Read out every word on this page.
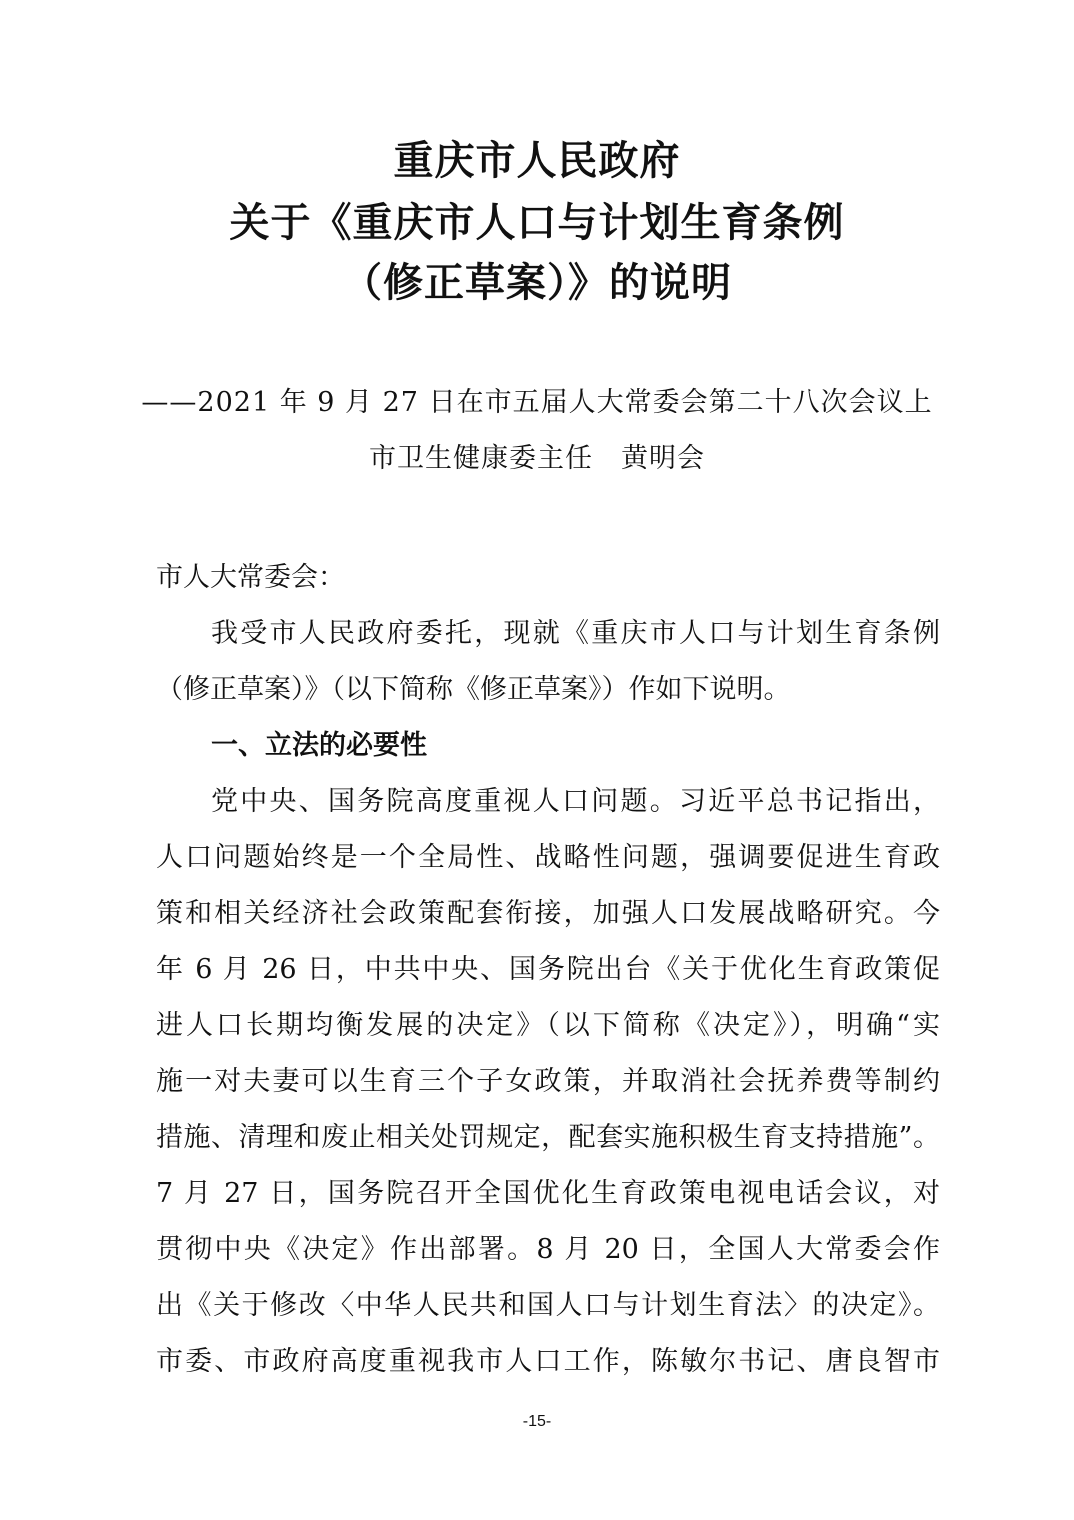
重庆市人民政府
关于《重庆市人口与计划生育条例
（修正草案）》的说明
——2021 年 9 月 27 日在市五届人大常委会第二十八次会议上
市卫生健康委主任　黄明会
市人大常委会：
我受市人民政府委托，现就《重庆市人口与计划生育条例
（修正草案）》（以下简称《修正草案》）作如下说明。
一、立法的必要性
党中央、国务院高度重视人口问题。习近平总书记指出，
人口问题始终是一个全局性、战略性问题，强调要促进生育政
策和相关经济社会政策配套衔接，加强人口发展战略研究。今
年 6 月 26 日，中共中央、国务院出台《关于优化生育政策促
进人口长期均衡发展的决定》（以下简称《决定》），明确“实
施一对夫妻可以生育三个子女政策，并取消社会抚养费等制约
措施、清理和废止相关处罚规定，配套实施积极生育支持措施”。
7 月 27 日，国务院召开全国优化生育政策电视电话会议，对
贯彻中央《决定》作出部署。8 月 20 日，全国人大常委会作
出《关于修改〈中华人民共和国人口与计划生育法〉的决定》。
市委、市政府高度重视我市人口工作，陈敏尔书记、唐良智市
-15-
